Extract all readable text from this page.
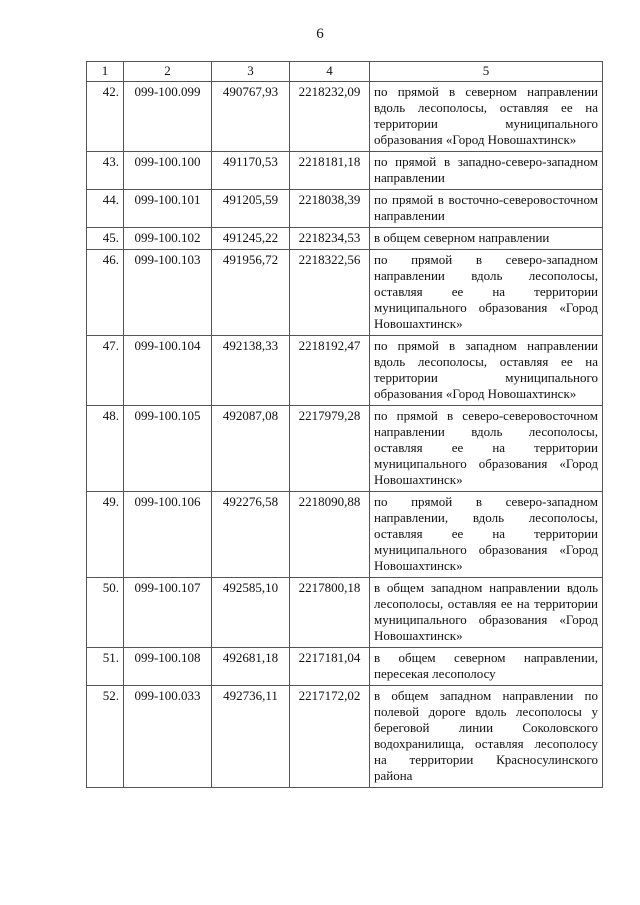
6
1	2	3	4	5
42.	099-100.099	490767,93	2218232,09	по прямой в северном направлении вдоль лесополосы, оставляя ее на территории муниципального образования «Город Новошахтинск»
43.	099-100.100	491170,53	2218181,18	по прямой в западно-северо-западном направлении
44.	099-100.101	491205,59	2218038,39	по прямой в восточно-северовосточном направлении
45.	099-100.102	491245,22	2218234,53	в общем северном направлении
46.	099-100.103	491956,72	2218322,56	по прямой в северо-западном направлении вдоль лесополосы, оставляя ее на территории муниципального образования «Город Новошахтинск»
47.	099-100.104	492138,33	2218192,47	по прямой в западном направлении вдоль лесополосы, оставляя ее на территории муниципального образования «Город Новошахтинск»
48.	099-100.105	492087,08	2217979,28	по прямой в северо-северовосточном направлении вдоль лесополосы, оставляя ее на территории муниципального образования «Город Новошахтинск»
49.	099-100.106	492276,58	2218090,88	по прямой в северо-западном направлении, вдоль лесополосы, оставляя ее на территории муниципального образования «Город Новошахтинск»
50.	099-100.107	492585,10	2217800,18	в общем западном направлении вдоль лесополосы, оставляя ее на территории муниципального образования «Город Новошахтинск»
51.	099-100.108	492681,18	2217181,04	в общем северном направлении, пересекая лесополосу
52.	099-100.033	492736,11	2217172,02	в общем западном направлении по полевой дороге вдоль лесополосы у береговой линии Соколовского водохранилища, оставляя лесополосу на территории Красносулинского района
